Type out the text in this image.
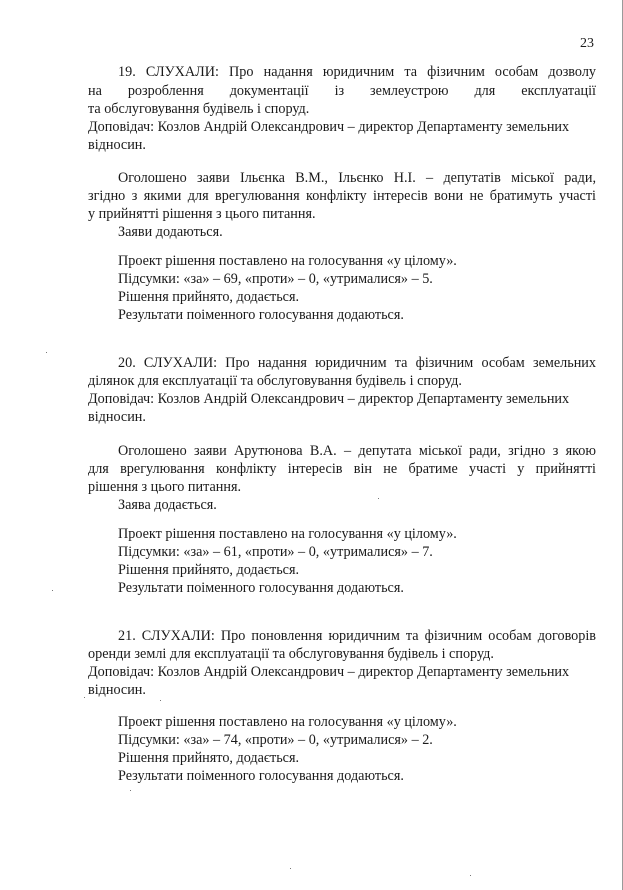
23
19. СЛУХАЛИ: Про надання юридичним та фізичним особам дозволу
на розроблення документації із землеустрою для експлуатації
та обслуговування будівель і споруд.
Доповідач: Козлов Андрій Олександрович – директор Департаменту земельних
відносин.
Оголошено заяви Ільєнка В.М., Ільєнко Н.І. – депутатів міської ради,
згідно з якими для врегулювання конфлікту інтересів вони не братимуть участі
у прийнятті рішення з цього питання.
Заяви додаються.
Проект рішення поставлено на голосування «у цілому».
Підсумки: «за» – 69, «проти» – 0, «утрималися» – 5.
Рішення прийнято, додається.
Результати поіменного голосування додаються.
20. СЛУХАЛИ: Про надання юридичним та фізичним особам земельних
ділянок для експлуатації та обслуговування будівель і споруд.
Доповідач: Козлов Андрій Олександрович – директор Департаменту земельних
відносин.
Оголошено заяви Арутюнова В.А. – депутата міської ради, згідно з якою
для врегулювання конфлікту інтересів він не братиме участі у прийнятті
рішення з цього питання.
Заява додається.
Проект рішення поставлено на голосування «у цілому».
Підсумки: «за» – 61, «проти» – 0, «утрималися» – 7.
Рішення прийнято, додається.
Результати поіменного голосування додаються.
21. СЛУХАЛИ: Про поновлення юридичним та фізичним особам договорів
оренди землі для експлуатації та обслуговування будівель і споруд.
Доповідач: Козлов Андрій Олександрович – директор Департаменту земельних
відносин.
Проект рішення поставлено на голосування «у цілому».
Підсумки: «за» – 74, «проти» – 0, «утрималися» – 2.
Рішення прийнято, додається.
Результати поіменного голосування додаються.
